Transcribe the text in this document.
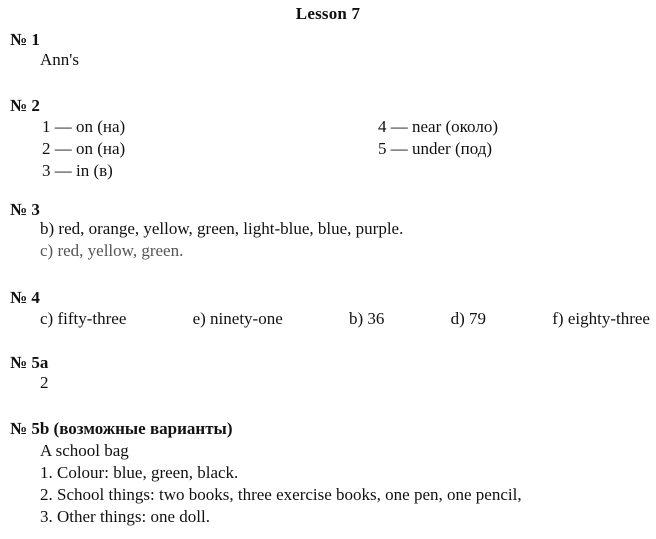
Lesson 7
№ 1
Ann's
№ 2
1 — on (на)
2 — on (на)
3 — in (в)
4 — near (около)
5 — under (под)
№ 3
b) red, orange, yellow, green, light-blue, blue, purple.
c) red, yellow, green.
№ 4
c) fifty-three	e) ninety-one	b) 36	d) 79	f) eighty-three
№ 5a
2
№ 5b (возможные варианты)
A school bag
1. Colour: blue, green, black.
2. School things: two books, three exercise books, one pen, one pencil,
3. Other things: one doll.
